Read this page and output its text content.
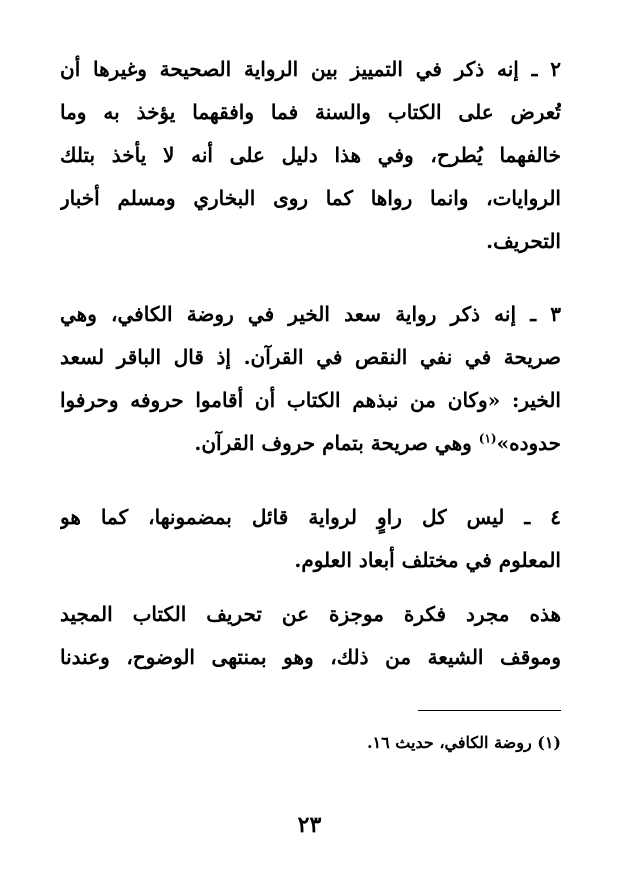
٢ ـ إنه ذكر في التمييز بين الرواية الصحيحة وغيرها أن
تُعرض على الكتاب والسنة فما وافقهما يؤخذ به وما
خالفهما يُطرح، وفي هذا دليل على أنه لا يأخذ بتلك
الروايات، وانما رواها كما روى البخاري ومسلم أخبار
التحريف.
٣ ـ إنه ذكر رواية سعد الخير في روضة الكافي، وهي
صريحة في نفي النقص في القرآن. إذ قال الباقر لسعد
الخير: «وكان من نبذهم الكتاب أن أقاموا حروفه وحرفوا
حدوده»$^{(١)}$ وهي صريحة بتمام حروف القرآن.
٤ ـ ليس كل راوٍ لرواية قائل بمضمونها، كما هو
المعلوم في مختلف أبعاد العلوم.
هذه مجرد فكرة موجزة عن تحريف الكتاب المجيد
وموقف الشيعة من ذلك، وهو بمنتهى الوضوح، وعندنا
(١) روضة الكافي، حديث ١٦.
٢٣
